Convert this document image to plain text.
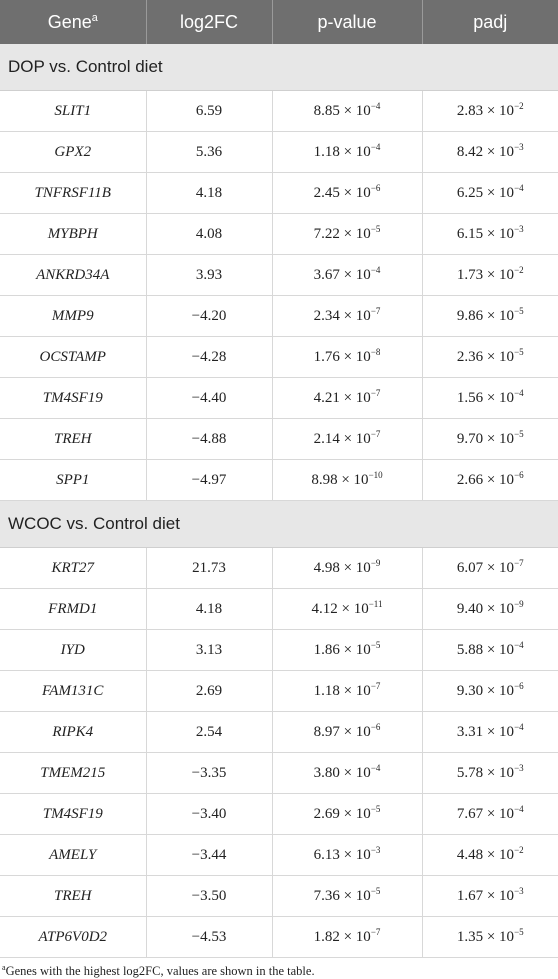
Gene$^a$	log2FC	p-value	padj
DOP vs. Control diet			
SLIT1	6.59	$8.85 \times 10^{-4}$	$2.83 \times 10^{-2}$
GPX2	5.36	$1.18 \times 10^{-4}$	$8.42 \times 10^{-3}$
TNFRSF11B	4.18	$2.45 \times 10^{-6}$	$6.25 \times 10^{-4}$
MYBPH	4.08	$7.22 \times 10^{-5}$	$6.15 \times 10^{-3}$
ANKRD34A	3.93	$3.67 \times 10^{-4}$	$1.73 \times 10^{-2}$
MMP9	−4.20	$2.34 \times 10^{-7}$	$9.86 \times 10^{-5}$
OCSTAMP	−4.28	$1.76 \times 10^{-8}$	$2.36 \times 10^{-5}$
TM4SF19	−4.40	$4.21 \times 10^{-7}$	$1.56 \times 10^{-4}$
TREH	−4.88	$2.14 \times 10^{-7}$	$9.70 \times 10^{-5}$
SPP1	−4.97	$8.98 \times 10^{-10}$	$2.66 \times 10^{-6}$
WCOC vs. Control diet			
KRT27	21.73	$4.98 \times 10^{-9}$	$6.07 \times 10^{-7}$
FRMD1	4.18	$4.12 \times 10^{-11}$	$9.40 \times 10^{-9}$
IYD	3.13	$1.86 \times 10^{-5}$	$5.88 \times 10^{-4}$
FAM131C	2.69	$1.18 \times 10^{-7}$	$9.30 \times 10^{-6}$
RIPK4	2.54	$8.97 \times 10^{-6}$	$3.31 \times 10^{-4}$
TMEM215	−3.35	$3.80 \times 10^{-4}$	$5.78 \times 10^{-3}$
TM4SF19	−3.40	$2.69 \times 10^{-5}$	$7.67 \times 10^{-4}$
AMELY	−3.44	$6.13 \times 10^{-3}$	$4.48 \times 10^{-2}$
TREH	−3.50	$7.36 \times 10^{-5}$	$1.67 \times 10^{-3}$
ATP6V0D2	−4.53	$1.82 \times 10^{-7}$	$1.35 \times 10^{-5}$
$^a$Genes with the highest log2FC, values are shown in the table.
